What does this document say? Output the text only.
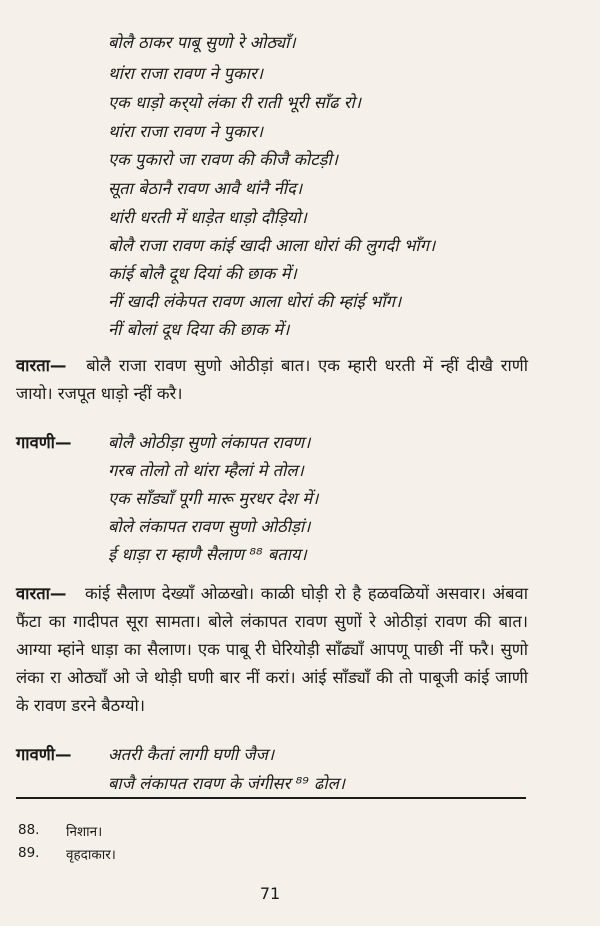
बोलै ठाकर पाबू सुणो रे ओठ्याँ।
थांरा राजा रावण ने पुकार।
एक धाड़ो कर्‌यो लंका री राती भूरी साँढ रो।
थांरा राजा रावण ने पुकार।
एक पुकारो जा रावण की कीजै कोटड़ी।
सूता बेठानै रावण आवै थांनै नींद।
थांरी धरती में धाड़ेत धाड़ो दौड़ियो।
बोलै राजा रावण कांई खादी आला धोरां की लुगदी भाँग।
कांई बोलै दूध दियां की छाक में।
नीं खादी लंकेपत रावण आला धोरां की म्हांई भाँग।
नीं बोलां दूध दिया की छाक में।
वारता— बोलै राजा रावण सुणो ओठीड़ां बात। एक म्हारी धरती में न्हीं दीखै राणी जायो। रजपूत धाड़ो न्हीं करै।
गावणी— बोलै ओठीड़ा सुणो लंकापत रावण।
गरब तोलो तो थांरा म्हैलां मे तोल।
एक साँड्याँ पूगी मारू मुरधर देश में।
बोले लंकापत रावण सुणो ओठीड़ां।
ई धाड़ा रा म्हाणै सैलाण ⁸⁸ बताय।
वारता— कांई सैलाण देख्याँ ओळखो। काळी घोड़ी रो है हळवळियों असवार। अंबवा फैंटा का गादीपत सूरा सामता। बोले लंकापत रावण सुणों रे ओठीड़ां रावण की बात। आग्या म्हांने धाड़ा का सैलाण। एक पाबू री घेरियोड़ी साँढ्याँ आपणू पाछी नीं फरै। सुणो लंका रा ओठ्याँ ओ जे थोड़ी घणी बार नीं करां। आंई साँड्याँ की तो पाबूजी कांई जाणी के रावण डरने बैठग्यो।
गावणी— अतरी कैतां लागी घणी जैज।
बाजै लंकापत रावण के जंगीसर ⁸⁹ ढोल।
88. निशान।
89. वृहदाकार।
71
